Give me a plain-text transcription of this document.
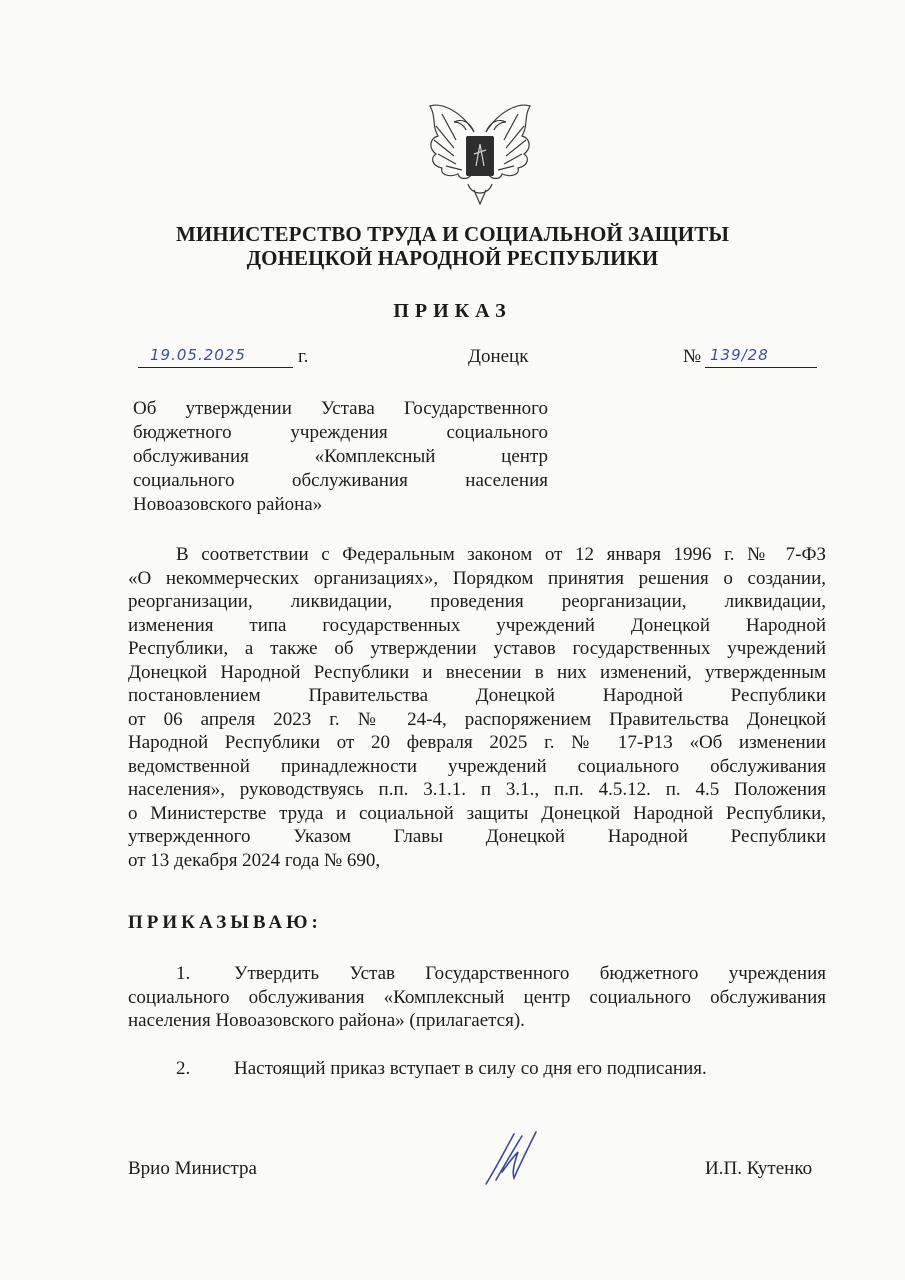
МИНИСТЕРСТВО ТРУДА И СОЦИАЛЬНОЙ ЗАЩИТЫ
ДОНЕЦКОЙ НАРОДНОЙ РЕСПУБЛИКИ
ПРИКАЗ
19.05.2025	г.	Донецк	№ 139/28
Об утверждении Устава Государственного
бюджетного учреждения социального
обслуживания «Комплексный центр
социального обслуживания населения
Новоазовского района»
В соответствии с Федеральным законом от 12 января 1996 г. № 7-ФЗ
«О некоммерческих организациях», Порядком принятия решения о создании,
реорганизации, ликвидации, проведения реорганизации, ликвидации,
изменения типа государственных учреждений Донецкой Народной
Республики, а также об утверждении уставов государственных учреждений
Донецкой Народной Республики и внесении в них изменений, утвержденным
постановлением Правительства Донецкой Народной Республики
от 06 апреля 2023 г. № 24-4, распоряжением Правительства Донецкой
Народной Республики от 20 февраля 2025 г. № 17-Р13 «Об изменении
ведомственной принадлежности учреждений социального обслуживания
населения», руководствуясь п.п. 3.1.1. п 3.1., п.п. 4.5.12. п. 4.5 Положения
о Министерстве труда и социальной защиты Донецкой Народной Республики,
утвержденного Указом Главы Донецкой Народной Республики
от 13 декабря 2024 года № 690,
ПРИКАЗЫВАЮ:
1. Утвердить Устав Государственного бюджетного учреждения
социального обслуживания «Комплексный центр социального обслуживания
населения Новоазовского района» (прилагается).
2. Настоящий приказ вступает в силу со дня его подписания.
Врио Министра	И.П. Кутенко
